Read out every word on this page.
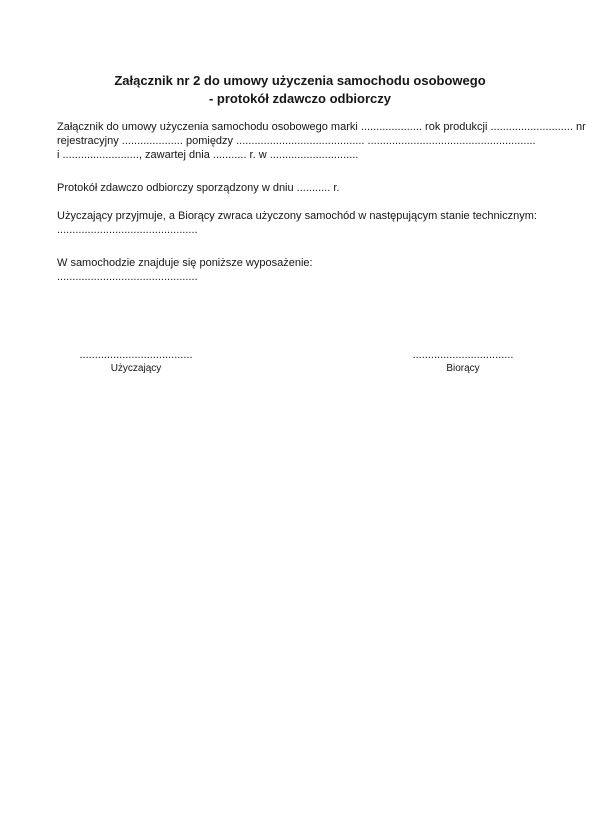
Załącznik nr 2 do umowy użyczenia samochodu osobowego
- protokół zdawczo odbiorczy
Załącznik do umowy użyczenia samochodu osobowego marki .................... rok produkcji ........................... nr
rejestracyjny .................... pomiędzy .......................................... .......................................................
i ........................., zawartej dnia ........... r. w .............................
Protokół zdawczo odbiorczy sporządzony w dniu ........... r.
Użyczający przyjmuje, a Biorący zwraca użyczony samochód w następującym stanie technicznym:
..............................................
W samochodzie znajduje się poniższe wyposażenie:
..............................................
.....................................
Użyczający
.................................
Biorący
